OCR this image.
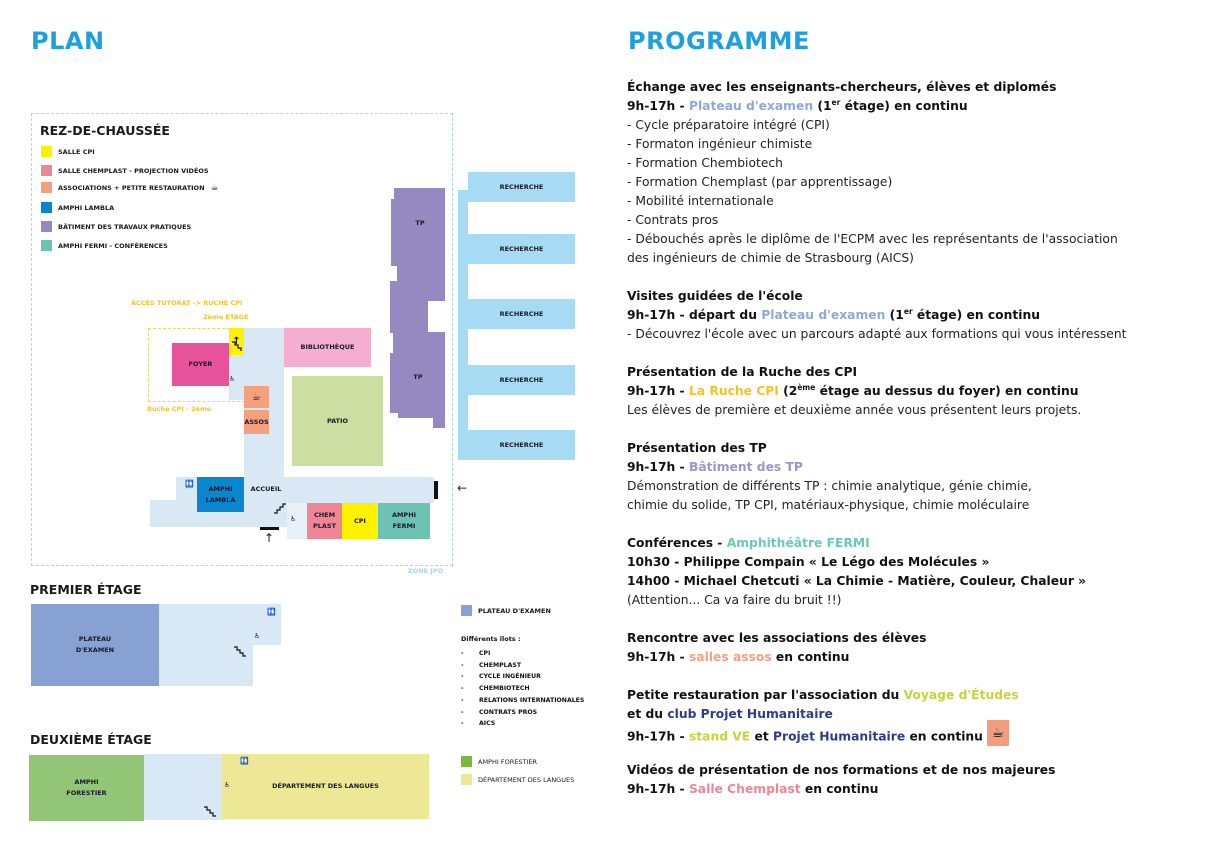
PLAN
ZONE JPO
REZ-DE-CHAUSSÉE
SALLE CPI
SALLE CHEMPLAST - PROJECTION VIDÉOS
ASSOCIATIONS + PETITE RESTAURATION ☕
AMPHI LAMBLA
BÂTIMENT DES TRAVAUX PRATIQUES
AMPHI FERMI - CONFÉRENCES
ACCÈS TUTORAT -> RUCHE CPI
2ème ETAGE
Ruche CPI - 2ème
FOYER
↑
BIBLIOTHÈQUE
PATIO
☕
ASSOS
AMPHI
LAMBLA
ACCUEIL
CHEM
PLAST
CPI
AMPHI
FERMI
TP
TP
RECHERCHE
RECHERCHE
RECHERCHE
RECHERCHE
RECHERCHE
♿
🚻
♿
↑
←
PREMIER ÉTAGE
PLATEAU
D'EXAMEN
🚻
♿
PLATEAU D'EXAMEN
Différents îlots :
- CPI
- CHEMPLAST
- CYCLE INGÉNIEUR
- CHEMBIOTECH
- RELATIONS INTERNATIONALES
- CONTRATS PROS
- AICS
DEUXIÈME ÉTAGE
AMPHI
FORESTIER
DÉPARTEMENT DES LANGUES
🚻
♿
AMPHI FORESTIER
DÉPARTEMENT DES LANGUES
PROGRAMME
Échange avec les enseignants-chercheurs, élèves et diplomés
9h-17h - Plateau d'examen (1er étage) en continu
- Cycle préparatoire intégré (CPI)
- Formaton ingénieur chimiste
- Formation Chembiotech
- Formation Chemplast (par apprentissage)
- Mobilité internationale
- Contrats pros
- Débouchés après le diplôme de l'ECPM avec les représentants de l'association
des ingénieurs de chimie de Strasbourg (AICS)
Visites guidées de l'école
9h-17h - départ du Plateau d'examen (1er étage) en continu
- Découvrez l'école avec un parcours adapté aux formations qui vous intéressent
Présentation de la Ruche des CPI
9h-17h - La Ruche CPI (2ème étage au dessus du foyer) en continu
Les élèves de première et deuxième année vous présentent leurs projets.
Présentation des TP
9h-17h - Bâtiment des TP
Démonstration de différents TP : chimie analytique, génie chimie,
chimie du solide, TP CPI, matériaux-physique, chimie moléculaire
Conférences - Amphithéâtre FERMI
10h30 - Philippe Compain « Le Légo des Molécules »
14h00 - Michael Chetcuti « La Chimie - Matière, Couleur, Chaleur »
(Attention... Ca va faire du bruit !!)
Rencontre avec les associations des élèves
9h-17h - salles assos en continu
Petite restauration par l'association du Voyage d'Études
et du club Projet Humanitaire
9h-17h - stand VE et Projet Humanitaire en continu ☕
Vidéos de présentation de nos formations et de nos majeures
9h-17h - Salle Chemplast en continu
